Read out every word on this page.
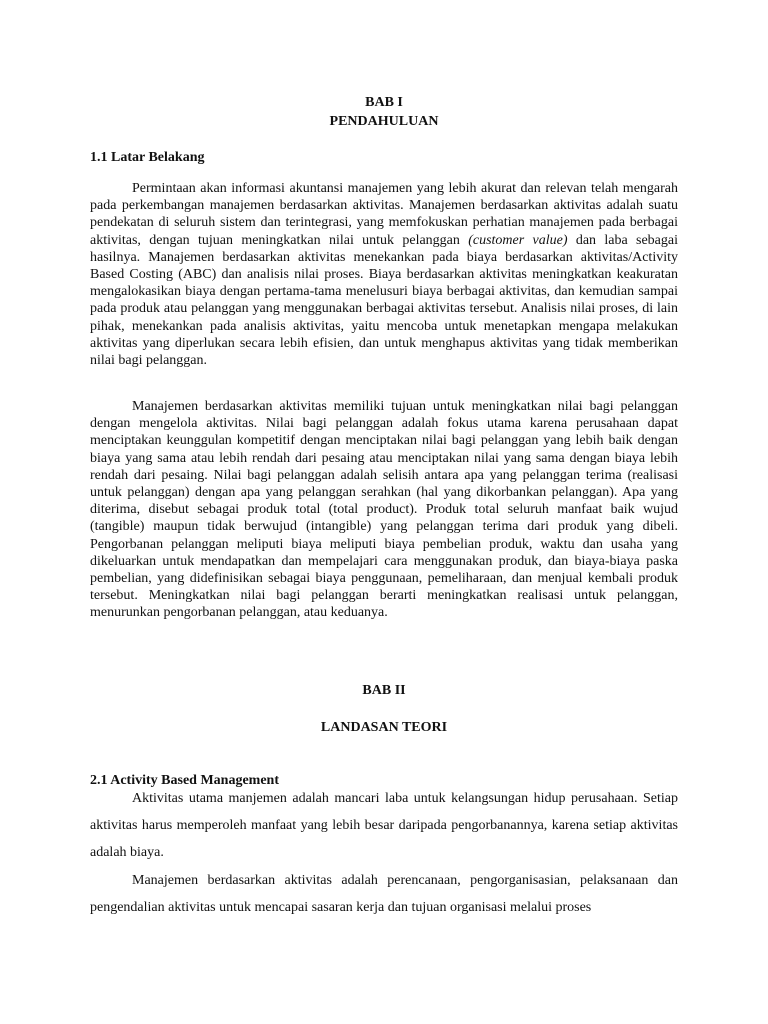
BAB I

PENDAHULUAN

1.1 Latar Belakang

Permintaan akan informasi akuntansi manajemen yang lebih akurat dan relevan telah mengarah pada perkembangan manajemen berdasarkan aktivitas. Manajemen berdasarkan aktivitas adalah suatu pendekatan di seluruh sistem dan terintegrasi, yang memfokuskan perhatian manajemen pada berbagai aktivitas, dengan tujuan meningkatkan nilai untuk pelanggan (customer value) dan laba sebagai hasilnya. Manajemen berdasarkan aktivitas menekankan pada biaya berdasarkan aktivitas/Activity Based Costing (ABC) dan analisis nilai proses. Biaya berdasarkan aktivitas meningkatkan keakuratan mengalokasikan biaya dengan pertama-tama menelusuri biaya berbagai aktivitas, dan kemudian sampai pada produk atau pelanggan yang menggunakan berbagai aktivitas tersebut. Analisis nilai proses, di lain pihak, menekankan pada analisis aktivitas, yaitu mencoba untuk menetapkan mengapa melakukan aktivitas yang diperlukan secara lebih efisien, dan untuk menghapus aktivitas yang tidak memberikan nilai bagi pelanggan.

Manajemen berdasarkan aktivitas memiliki tujuan untuk meningkatkan nilai bagi pelanggan dengan mengelola aktivitas. Nilai bagi pelanggan adalah fokus utama karena perusahaan dapat menciptakan keunggulan kompetitif dengan menciptakan nilai bagi pelanggan yang lebih baik dengan biaya yang sama atau lebih rendah dari pesaing atau menciptakan nilai yang sama dengan biaya lebih rendah dari pesaing. Nilai bagi pelanggan adalah selisih antara apa yang pelanggan terima (realisasi untuk pelanggan) dengan apa yang pelanggan serahkan (hal yang dikorbankan pelanggan). Apa yang diterima, disebut sebagai produk total (total product). Produk total seluruh manfaat baik wujud (tangible) maupun tidak berwujud (intangible) yang pelanggan terima dari produk yang dibeli. Pengorbanan pelanggan meliputi biaya meliputi biaya pembelian produk, waktu dan usaha yang dikeluarkan untuk mendapatkan dan mempelajari cara menggunakan produk, dan biaya-biaya paska pembelian, yang didefinisikan sebagai biaya penggunaan, pemeliharaan, dan menjual kembali produk tersebut. Meningkatkan nilai bagi pelanggan berarti meningkatkan realisasi untuk pelanggan, menurunkan pengorbanan pelanggan, atau keduanya.

BAB II

LANDASAN TEORI

2.1 Activity Based Management

Aktivitas utama manjemen adalah mancari laba untuk kelangsungan hidup perusahaan. Setiap aktivitas harus memperoleh manfaat yang lebih besar daripada pengorbanannya, karena setiap aktivitas adalah biaya.

Manajemen berdasarkan aktivitas adalah perencanaan, pengorganisasian, pelaksanaan dan pengendalian aktivitas untuk mencapai sasaran kerja dan tujuan organisasi melalui proses
